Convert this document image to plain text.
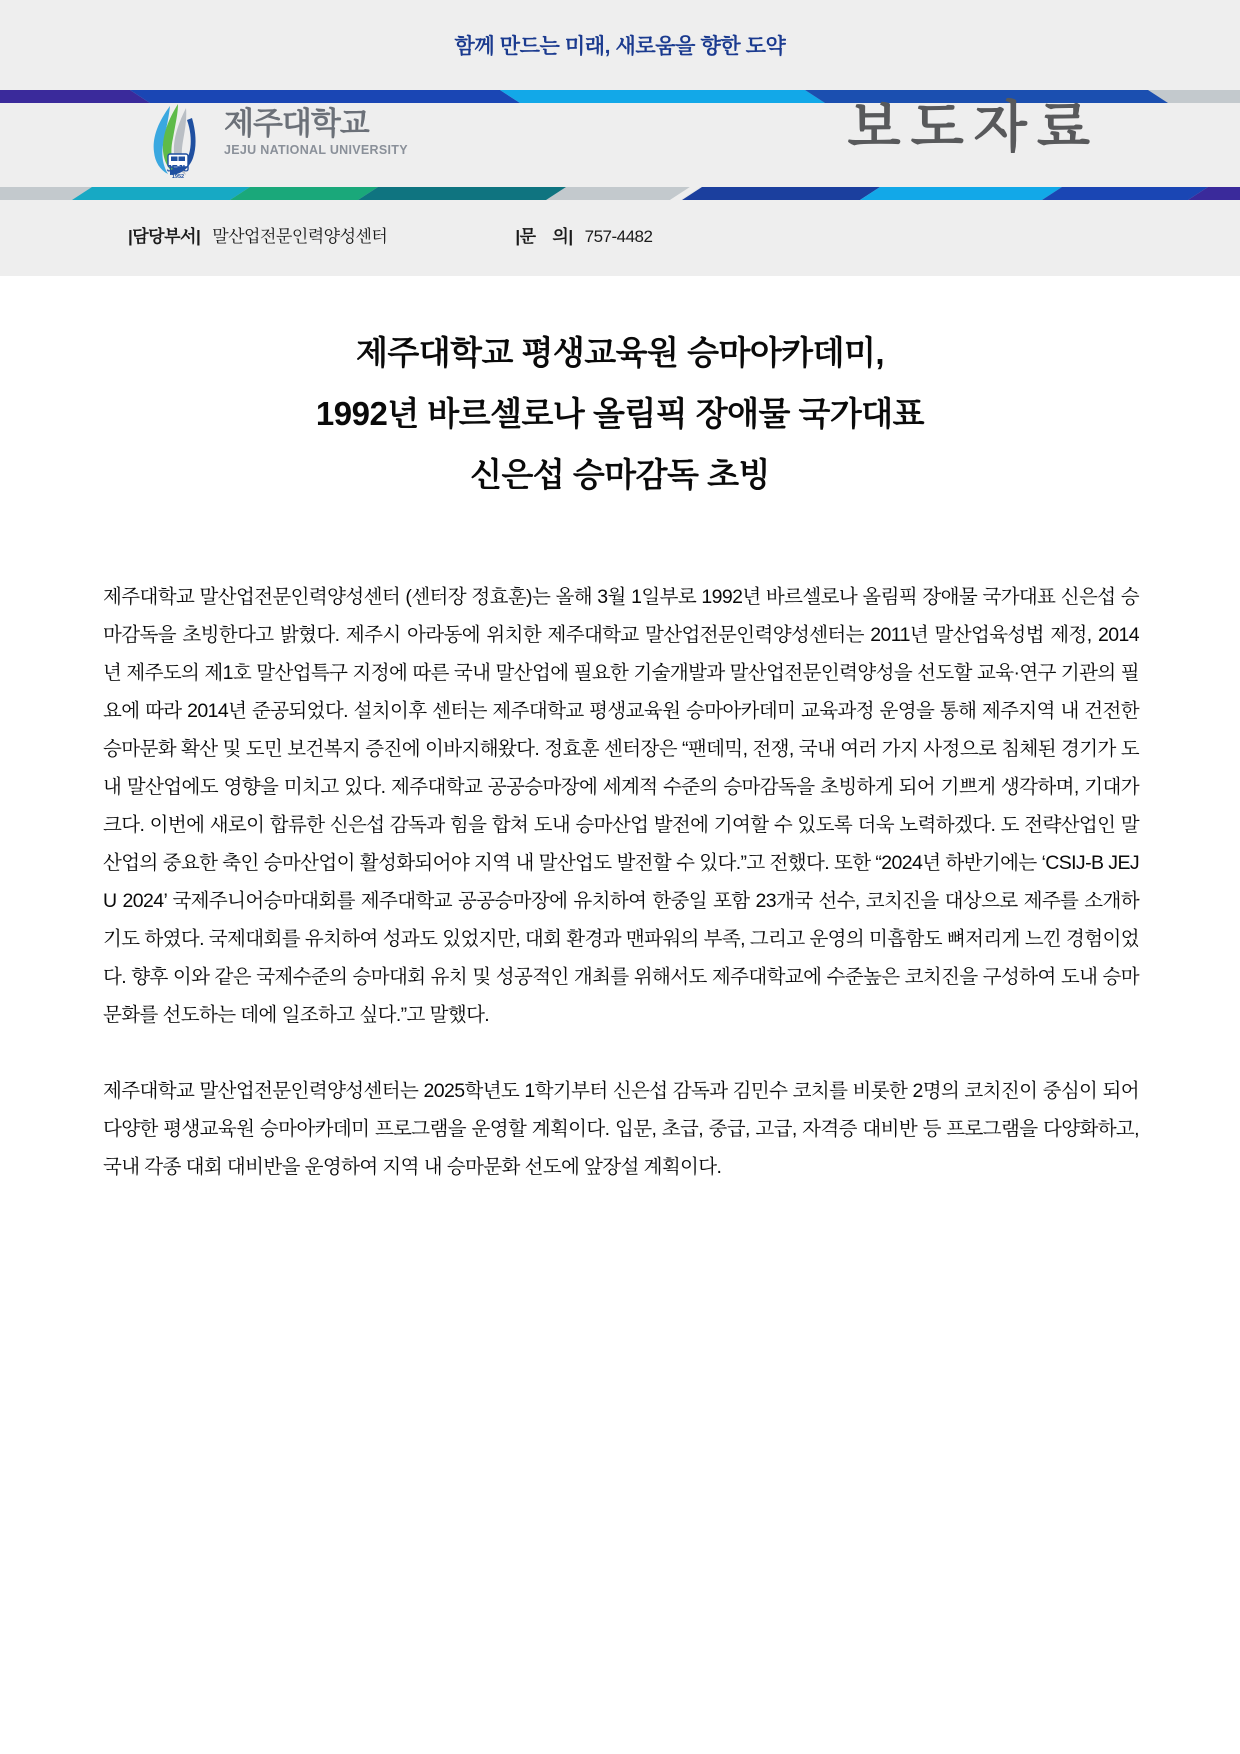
함께 만드는 미래, 새로움을 향한 도약
JEJU
1952
제주대학교
JEJU NATIONAL UNIVERSITY	보도자료
|담당부서| 말산업전문인력양성센터	|문    의| 757-4482
제주대학교 평생교육원 승마아카데미,
1992년 바르셀로나 올림픽 장애물 국가대표
신은섭 승마감독 초빙

제주대학교 말산업전문인력양성센터 (센터장 정효훈)는 올해 3월 1일부로 1992년 바르셀로나 올림픽 장애물 국가대표 신은섭 승마감독을 초빙한다고 밝혔다. 제주시 아라동에 위치한 제주대학교 말산업전문인력양성센터는 2011년 말산업육성법 제정, 2014년 제주도의 제1호 말산업특구 지정에 따른 국내 말산업에 필요한 기술개발과 말산업전문인력양성을 선도할 교육·연구 기관의 필요에 따라 2014년 준공되었다. 설치이후 센터는 제주대학교 평생교육원 승마아카데미 교육과정 운영을 통해 제주지역 내 건전한 승마문화 확산 및 도민 보건복지 증진에 이바지해왔다. 정효훈 센터장은 “팬데믹, 전쟁, 국내 여러 가지 사정으로 침체된 경기가 도내 말산업에도 영향을 미치고 있다. 제주대학교 공공승마장에 세계적 수준의 승마감독을 초빙하게 되어 기쁘게 생각하며, 기대가 크다. 이번에 새로이 합류한 신은섭 감독과 힘을 합쳐 도내 승마산업 발전에 기여할 수 있도록 더욱 노력하겠다. 도 전략산업인 말산업의 중요한 축인 승마산업이 활성화되어야 지역 내 말산업도 발전할 수 있다.”고 전했다. 또한 “2024년 하반기에는 ‘CSIJ-B JEJU 2024’ 국제주니어승마대회를 제주대학교 공공승마장에 유치하여 한중일 포함 23개국 선수, 코치진을 대상으로 제주를 소개하기도 하였다. 국제대회를 유치하여 성과도 있었지만, 대회 환경과 맨파워의 부족, 그리고 운영의 미흡함도 뼈저리게 느낀 경험이었다. 향후 이와 같은 국제수준의 승마대회 유치 및 성공적인 개최를 위해서도 제주대학교에 수준높은 코치진을 구성하여 도내 승마문화를 선도하는 데에 일조하고 싶다.”고 말했다.

제주대학교 말산업전문인력양성센터는 2025학년도 1학기부터 신은섭 감독과 김민수 코치를 비롯한 2명의 코치진이 중심이 되어 다양한 평생교육원 승마아카데미 프로그램을 운영할 계획이다. 입문, 초급, 중급, 고급, 자격증 대비반 등 프로그램을 다양화하고, 국내 각종 대회 대비반을 운영하여 지역 내 승마문화 선도에 앞장설 계획이다.
